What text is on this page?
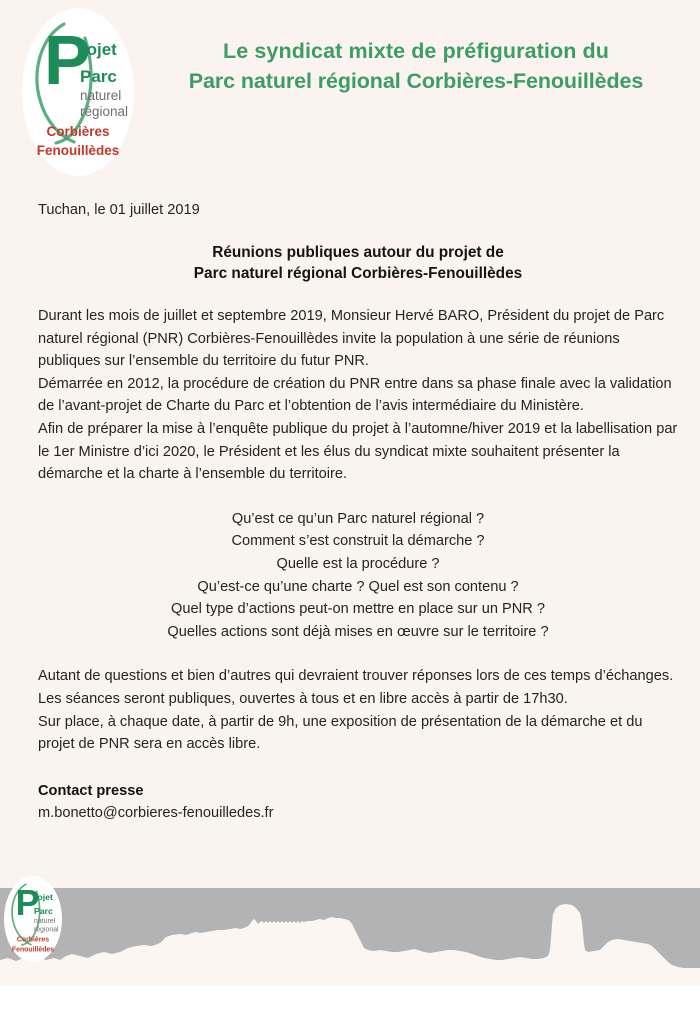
P
rojet
Parc
naturel
régional
Corbières
Fenouillèdes
Le syndicat mixte de préfiguration du
Parc naturel régional Corbières-Fenouillèdes
Tuchan, le 01 juillet 2019
Réunions publiques autour du projet de
Parc naturel régional Corbières-Fenouillèdes
Durant les mois de juillet et septembre 2019, Monsieur Hervé BARO, Président du projet de Parc naturel régional (PNR) Corbières-Fenouillèdes invite la population à une série de réunions publiques sur l’ensemble du territoire du futur PNR.
Démarrée en 2012, la procédure de création du PNR entre dans sa phase finale avec la validation de l’avant-projet de Charte du Parc et l’obtention de l’avis intermédiaire du Ministère.
Afin de préparer la mise à l’enquête publique du projet à l’automne/hiver 2019 et la labellisation par le 1er Ministre d’ici 2020, le Président et les élus du syndicat mixte souhaitent présenter la démarche et la charte à l’ensemble du territoire.
Qu’est ce qu’un Parc naturel régional ?
Comment s’est construit la démarche ?
Quelle est la procédure ?
Qu’est-ce qu’une charte ? Quel est son contenu ?
Quel type d’actions peut-on mettre en place sur un PNR ?
Quelles actions sont déjà mises en œuvre sur le territoire ?
Autant de questions et bien d’autres qui devraient trouver réponses lors de ces temps d’échanges.
Les séances seront publiques, ouvertes à tous et en libre accès à partir de 17h30.
Sur place, à chaque date, à partir de 9h, une exposition de présentation de la démarche et du projet de PNR sera en accès libre.
Contact presse
m.bonetto@corbieres-fenouilledes.fr
P
rojet
Parc
naturel
régional
Corbières
Fenouillèdes
